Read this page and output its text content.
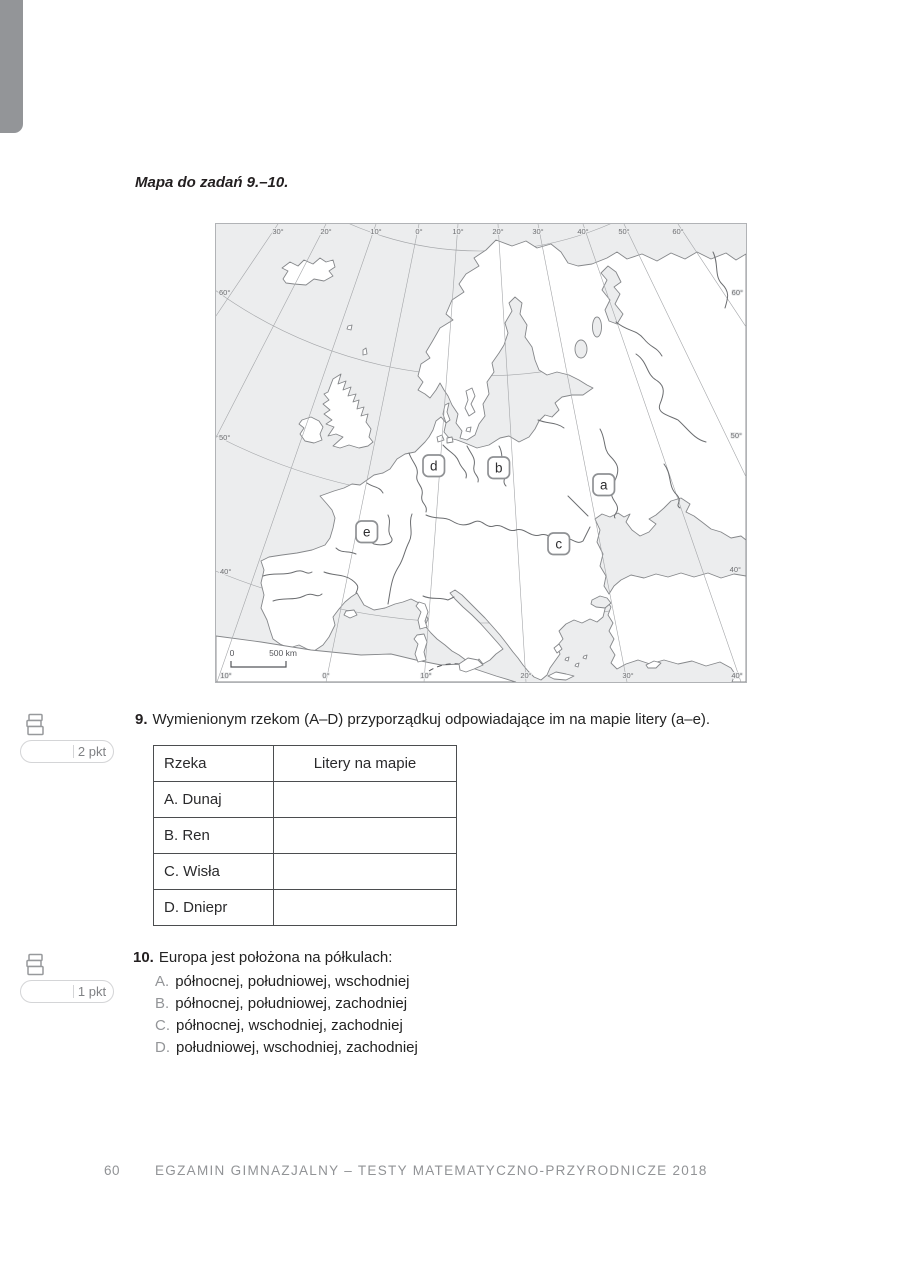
Mapa do zadań 9.–10.
30°	20°	10°	0°	10°	20°	30°	40°	50°	60°
10°	0°	10°	20°	30°	40°
60°
50°
40°
60°
50°
40°
0	500 km
a
b
c
d
e
2 pkt
9. Wymienionym rzekom (A–D) przyporządkuj odpowiadające im na mapie litery (a–e).
Rzeka	Litery na mapie
A. Dunaj	
B. Ren	
C. Wisła	
D. Dniepr	
1 pkt
10. Europa jest położona na półkulach:
A. północnej, południowej, wschodniej
B. północnej, południowej, zachodniej
C. północnej, wschodniej, zachodniej
D. południowej, wschodniej, zachodniej
60	EGZAMIN GIMNAZJALNY – TESTY MATEMATYCZNO-PRZYRODNICZE 2018
